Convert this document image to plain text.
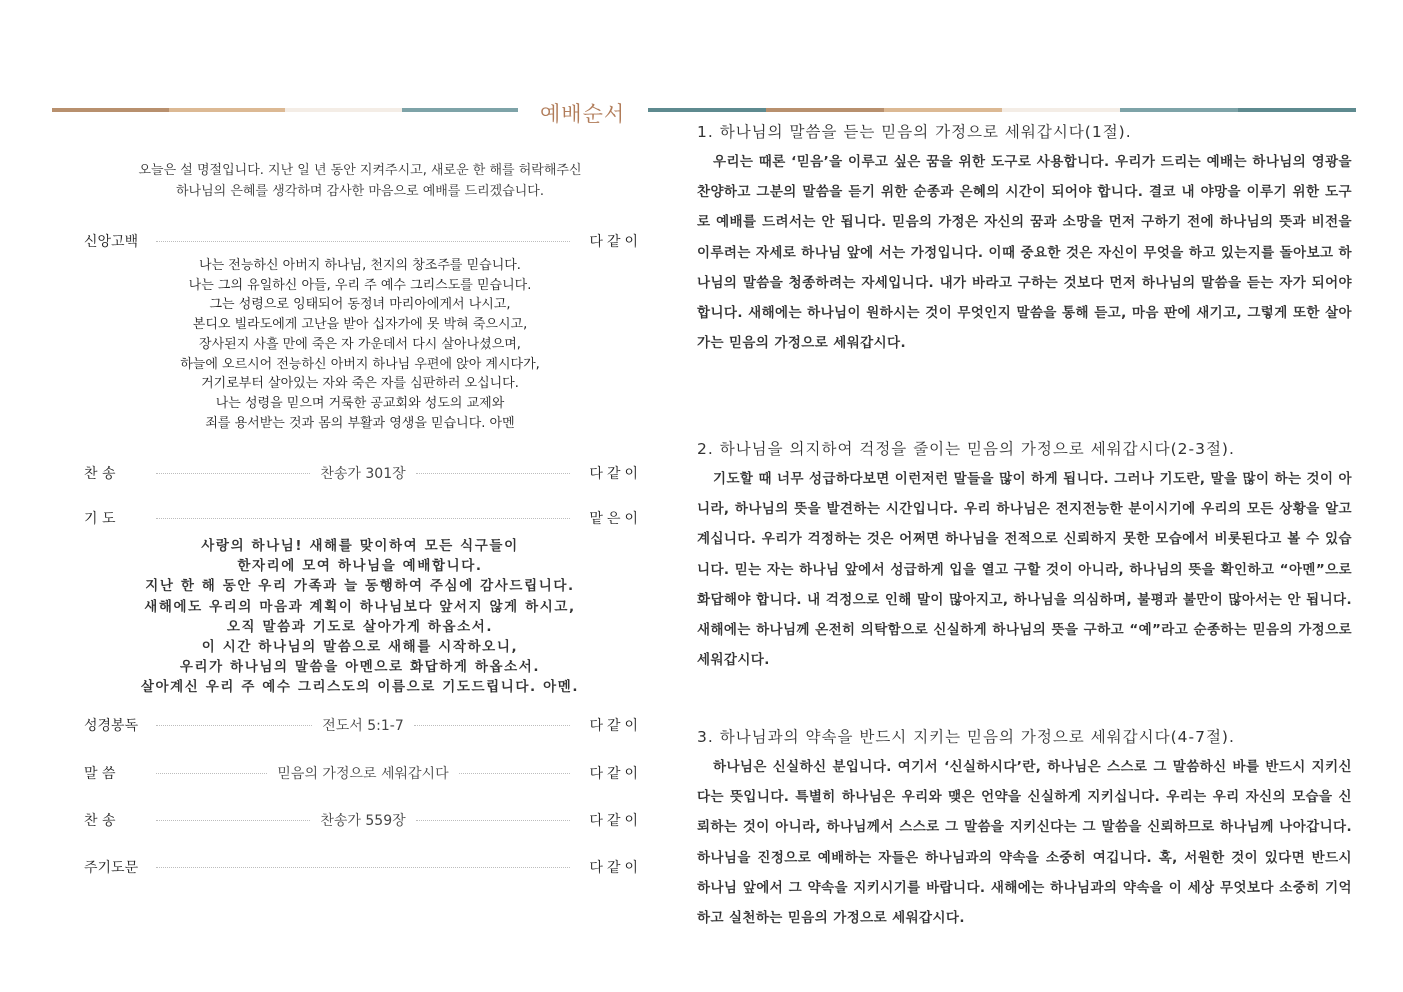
예배순서
오늘은 설 명절입니다. 지난 일 년 동안 지켜주시고, 새로운 한 해를 허락해주신
하나님의 은혜를 생각하며 감사한 마음으로 예배를 드리겠습니다.
신앙고백	다같이
나는 전능하신 아버지 하나님, 천지의 창조주를 믿습니다.
나는 그의 유일하신 아들, 우리 주 예수 그리스도를 믿습니다.
그는 성령으로 잉태되어 동정녀 마리아에게서 나시고,
본디오 빌라도에게 고난을 받아 십자가에 못 박혀 죽으시고,
장사된지 사흘 만에 죽은 자 가운데서 다시 살아나셨으며,
하늘에 오르시어 전능하신 아버지 하나님 우편에 앉아 계시다가,
거기로부터 살아있는 자와 죽은 자를 심판하러 오십니다.
나는 성령을 믿으며 거룩한 공교회와 성도의 교제와
죄를 용서받는 것과 몸의 부활과 영생을 믿습니다. 아멘
찬 송	찬송가 301장	다같이
기 도	맡은이
사랑의 하나님! 새해를 맞이하여 모든 식구들이
한자리에 모여 하나님을 예배합니다.
지난 한 해 동안 우리 가족과 늘 동행하여 주심에 감사드립니다.
새해에도 우리의 마음과 계획이 하나님보다 앞서지 않게 하시고,
오직 말씀과 기도로 살아가게 하옵소서.
이 시간 하나님의 말씀으로 새해를 시작하오니,
우리가 하나님의 말씀을 아멘으로 화답하게 하옵소서.
살아계신 우리 주 예수 그리스도의 이름으로 기도드립니다. 아멘.
성경봉독	전도서 5:1-7	다같이
말 씀	믿음의 가정으로 세워갑시다	다같이
찬 송	찬송가 559장	다같이
주기도문	다같이
1. 하나님의 말씀을 듣는 믿음의 가정으로 세워갑시다(1절).
우리는 때론 ‘믿음’을 이루고 싶은 꿈을 위한 도구로 사용합니다. 우리가 드리는 예배는 하나님의 영광을 찬양하고 그분의 말씀을 듣기 위한 순종과 은혜의 시간이 되어야 합니다. 결코 내 야망을 이루기 위한 도구로 예배를 드려서는 안 됩니다. 믿음의 가정은 자신의 꿈과 소망을 먼저 구하기 전에 하나님의 뜻과 비전을 이루려는 자세로 하나님 앞에 서는 가정입니다. 이때 중요한 것은 자신이 무엇을 하고 있는지를 돌아보고 하나님의 말씀을 청종하려는 자세입니다. 내가 바라고 구하는 것보다 먼저 하나님의 말씀을 듣는 자가 되어야 합니다. 새해에는 하나님이 원하시는 것이 무엇인지 말씀을 통해 듣고, 마음 판에 새기고, 그렇게 또한 살아가는 믿음의 가정으로 세워갑시다.
2. 하나님을 의지하여 걱정을 줄이는 믿음의 가정으로 세워갑시다(2-3절).
기도할 때 너무 성급하다보면 이런저런 말들을 많이 하게 됩니다. 그러나 기도란, 말을 많이 하는 것이 아니라, 하나님의 뜻을 발견하는 시간입니다. 우리 하나님은 전지전능한 분이시기에 우리의 모든 상황을 알고 계십니다. 우리가 걱정하는 것은 어쩌면 하나님을 전적으로 신뢰하지 못한 모습에서 비롯된다고 볼 수 있습니다. 믿는 자는 하나님 앞에서 성급하게 입을 열고 구할 것이 아니라, 하나님의 뜻을 확인하고 “아멘”으로 화답해야 합니다. 내 걱정으로 인해 말이 많아지고, 하나님을 의심하며, 불평과 불만이 많아서는 안 됩니다. 새해에는 하나님께 온전히 의탁함으로 신실하게 하나님의 뜻을 구하고 “예”라고 순종하는 믿음의 가정으로 세워갑시다.
3. 하나님과의 약속을 반드시 지키는 믿음의 가정으로 세워갑시다(4-7절).
하나님은 신실하신 분입니다. 여기서 ‘신실하시다’란, 하나님은 스스로 그 말씀하신 바를 반드시 지키신다는 뜻입니다. 특별히 하나님은 우리와 맺은 언약을 신실하게 지키십니다. 우리는 우리 자신의 모습을 신뢰하는 것이 아니라, 하나님께서 스스로 그 말씀을 지키신다는 그 말씀을 신뢰하므로 하나님께 나아갑니다. 하나님을 진정으로 예배하는 자들은 하나님과의 약속을 소중히 여깁니다. 혹, 서원한 것이 있다면 반드시 하나님 앞에서 그 약속을 지키시기를 바랍니다. 새해에는 하나님과의 약속을 이 세상 무엇보다 소중히 기억하고 실천하는 믿음의 가정으로 세워갑시다.
